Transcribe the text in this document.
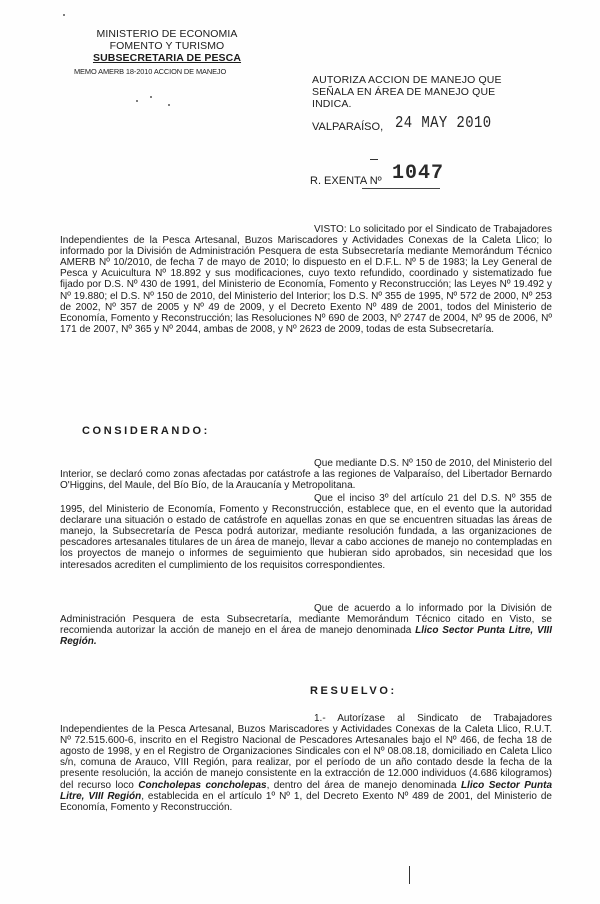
MINISTERIO DE ECONOMIA
FOMENTO Y TURISMO
SUBSECRETARIA DE PESCA
MEMO AMERB 18-2010 ACCION DE MANEJO
AUTORIZA ACCION DE MANEJO QUE SEÑALA EN ÁREA DE MANEJO QUE INDICA.
VALPARAÍSO, 24 MAY 2010
R. EXENTA Nº 1047
VISTO: Lo solicitado por el Sindicato de Trabajadores Independientes de la Pesca Artesanal, Buzos Mariscadores y Actividades Conexas de la Caleta Llico; lo informado por la División de Administración Pesquera de esta Subsecretaría mediante Memorándum Técnico AMERB Nº 10/2010, de fecha 7 de mayo de 2010; lo dispuesto en el D.F.L. Nº 5 de 1983; la Ley General de Pesca y Acuicultura Nº 18.892 y sus modificaciones, cuyo texto refundido, coordinado y sistematizado fue fijado por D.S. Nº 430 de 1991, del Ministerio de Economía, Fomento y Reconstrucción; las Leyes Nº 19.492 y Nº 19.880; el D.S. Nº 150 de 2010, del Ministerio del Interior; los D.S. Nº 355 de 1995, Nº 572 de 2000, Nº 253 de 2002, Nº 357 de 2005 y Nº 49 de 2009, y el Decreto Exento Nº 489 de 2001, todos del Ministerio de Economía, Fomento y Reconstrucción; las Resoluciones Nº 690 de 2003, Nº 2747 de 2004, Nº 95 de 2006, Nº 171 de 2007, Nº 365 y Nº 2044, ambas de 2008, y Nº 2623 de 2009, todas de esta Subsecretaría.
CONSIDERANDO:
Que mediante D.S. Nº 150 de 2010, del Ministerio del Interior, se declaró como zonas afectadas por catástrofe a las regiones de Valparaíso, del Libertador Bernardo O'Higgins, del Maule, del Bío Bío, de la Araucanía y Metropolitana.
Que el inciso 3º del artículo 21 del D.S. Nº 355 de 1995, del Ministerio de Economía, Fomento y Reconstrucción, establece que, en el evento que la autoridad declarare una situación o estado de catástrofe en aquellas zonas en que se encuentren situadas las áreas de manejo, la Subsecretaría de Pesca podrá autorizar, mediante resolución fundada, a las organizaciones de pescadores artesanales titulares de un área de manejo, llevar a cabo acciones de manejo no contempladas en los proyectos de manejo o informes de seguimiento que hubieran sido aprobados, sin necesidad que los interesados acrediten el cumplimiento de los requisitos correspondientes.
Que de acuerdo a lo informado por la División de Administración Pesquera de esta Subsecretaría, mediante Memorándum Técnico citado en Visto, se recomienda autorizar la acción de manejo en el área de manejo denominada Llico Sector Punta Litre, VIII Región.
RESUELVO:
1.- Autorízase al Sindicato de Trabajadores Independientes de la Pesca Artesanal, Buzos Mariscadores y Actividades Conexas de la Caleta Llico, R.U.T. Nº 72.515.600-6, inscrito en el Registro Nacional de Pescadores Artesanales bajo el Nº 466, de fecha 18 de agosto de 1998, y en el Registro de Organizaciones Sindicales con el Nº 08.08.18, domiciliado en Caleta Llico s/n, comuna de Arauco, VIII Región, para realizar, por el período de un año contado desde la fecha de la presente resolución, la acción de manejo consistente en la extracción de 12.000 individuos (4.686 kilogramos) del recurso loco Concholepas concholepas, dentro del área de manejo denominada Llico Sector Punta Litre, VIII Región, establecida en el artículo 1º Nº 1, del Decreto Exento Nº 489 de 2001, del Ministerio de Economía, Fomento y Reconstrucción.
